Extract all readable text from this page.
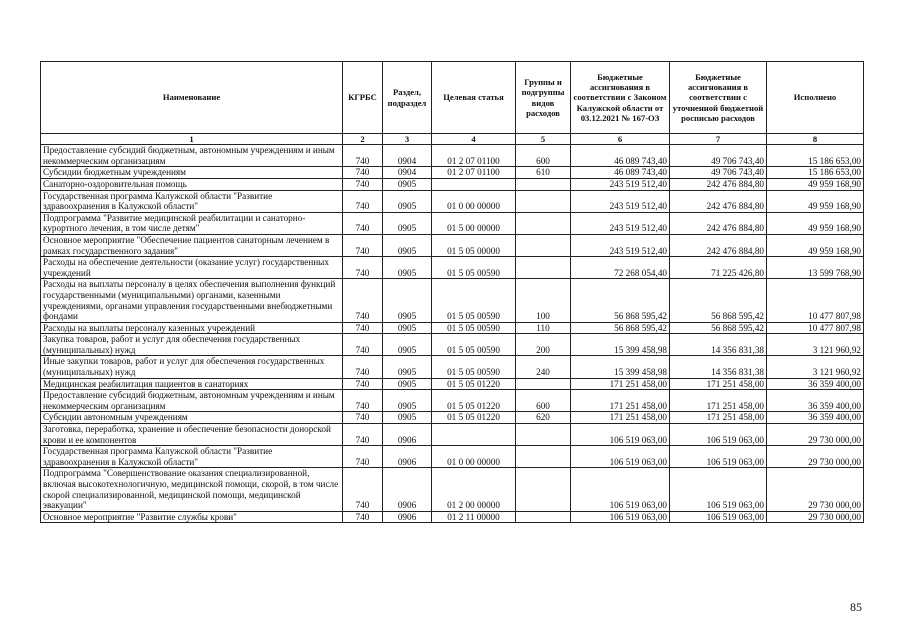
Наименование	КГРБС	Раздел, подраздел	Целевая статья	Группы и подгруппы видов расходов	Бюджетные ассигнования в соответствии с Законом Калужской области от 03.12.2021 № 167-ОЗ	Бюджетные ассигнования в соответствии с уточненной бюджетной росписью расходов	Исполнено
1	2	3	4	5	6	7	8
Предоставление субсидий бюджетным, автономным учреждениям и иным некоммерческим организациям	740	0904	01 2 07 01100	600	46 089 743,40	49 706 743,40	15 186 653,00
Субсидии бюджетным учреждениям	740	0904	01 2 07 01100	610	46 089 743,40	49 706 743,40	15 186 653,00
Санаторно-оздоровительная помощь	740	0905			243 519 512,40	242 476 884,80	49 959 168,90
Государственная программа Калужской области "Развитие здравоохранения в Калужской области"	740	0905	01 0 00 00000		243 519 512,40	242 476 884,80	49 959 168,90
Подпрограмма "Развитие медицинской реабилитации и санаторно-курортного лечения, в том числе детям"	740	0905	01 5 00 00000		243 519 512,40	242 476 884,80	49 959 168,90
Основное мероприятие "Обеспечение пациентов санаторным лечением в рамках государственного задания"	740	0905	01 5 05 00000		243 519 512,40	242 476 884,80	49 959 168,90
Расходы на обеспечение деятельности (оказание услуг) государственных учреждений	740	0905	01 5 05 00590		72 268 054,40	71 225 426,80	13 599 768,90
Расходы на выплаты персоналу в целях обеспечения выполнения функций государственными (муниципальными) органами, казенными учреждениями, органами управления государственными внебюджетными фондами	740	0905	01 5 05 00590	100	56 868 595,42	56 868 595,42	10 477 807,98
Расходы на выплаты персоналу казенных учреждений	740	0905	01 5 05 00590	110	56 868 595,42	56 868 595,42	10 477 807,98
Закупка товаров, работ и услуг для обеспечения государственных (муниципальных) нужд	740	0905	01 5 05 00590	200	15 399 458,98	14 356 831,38	3 121 960,92
Иные закупки товаров, работ и услуг для обеспечения государственных (муниципальных) нужд	740	0905	01 5 05 00590	240	15 399 458,98	14 356 831,38	3 121 960,92
Медицинская реабилитация пациентов в санаториях	740	0905	01 5 05 01220		171 251 458,00	171 251 458,00	36 359 400,00
Предоставление субсидий бюджетным, автономным учреждениям и иным некоммерческим организациям	740	0905	01 5 05 01220	600	171 251 458,00	171 251 458,00	36 359 400,00
Субсидии автономным учреждениям	740	0905	01 5 05 01220	620	171 251 458,00	171 251 458,00	36 359 400,00
Заготовка, переработка, хранение и обеспечение безопасности донорской крови и ее компонентов	740	0906			106 519 063,00	106 519 063,00	29 730 000,00
Государственная программа Калужской области "Развитие здравоохранения в Калужской области"	740	0906	01 0 00 00000		106 519 063,00	106 519 063,00	29 730 000,00
Подпрограмма "Совершенствование оказания специализированной, включая высокотехнологичную, медицинской помощи, скорой, в том числе скорой специализированной, медицинской помощи, медицинской эвакуации"	740	0906	01 2 00 00000		106 519 063,00	106 519 063,00	29 730 000,00
Основное мероприятие "Развитие службы крови"	740	0906	01 2 11 00000		106 519 063,00	106 519 063,00	29 730 000,00
85
